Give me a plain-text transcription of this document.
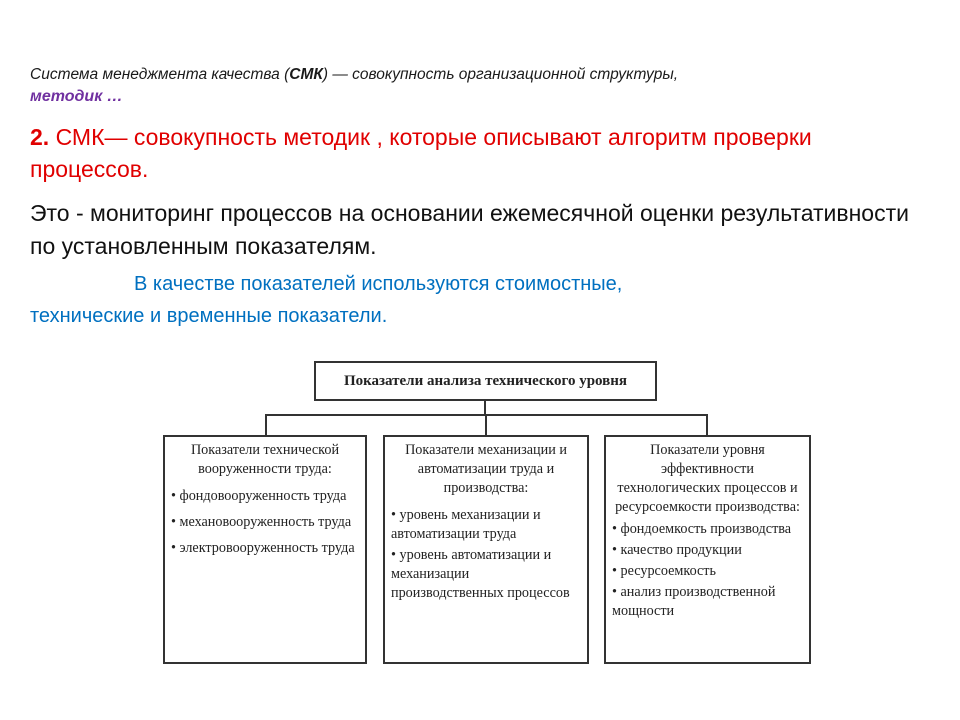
Система менеджмента качества (СМК) — совокупность организационной структуры,
методик …
2. СМК— совокупность методик , которые описывают алгоритм проверки процессов.
Это - мониторинг процессов на основании ежемесячной оценки результативности по установленным показателям.
В качестве показателей используются стоимостные,
технические и временные показатели.
Показатели анализа технического уровня
Показатели технической вооруженности труда:
• фондовооруженность труда
• механовооруженность труда
• электровооруженность труда
Показатели механизации и автоматизации труда и производства:
• уровень механизации и автоматизации труда
• уровень автоматизации и механизации производственных процессов
Показатели уровня эффективности технологических процессов и ресурсоемкости производства:
• фондоемкость производства
• качество продукции
• ресурсоемкость
• анализ производственной мощности
